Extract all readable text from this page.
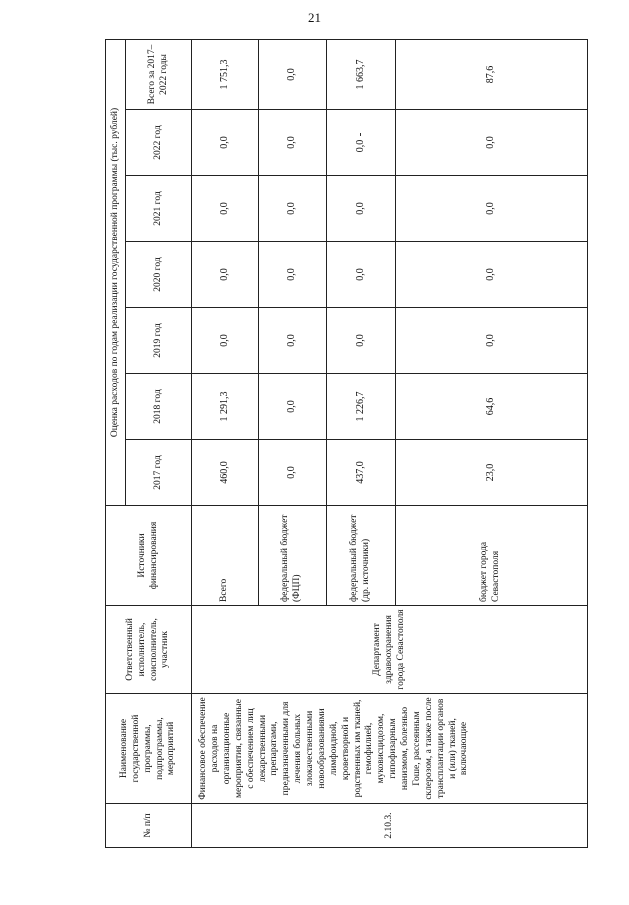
21
№ п/п	Наименование государственной программы, подпрограммы, мероприятий	Ответственный исполнитель, соисполнитель, участник	Источники финансирования	Оценка расходов по годам реализации государственной программы (тыс. рублей)						
				2017 год	2018 год	2019 год	2020 год	2021 год	2022 год	Всего за 2017–2022 годы
2.10.3.	Финансовое обеспечение расходов на организационные мероприятия, связанные с обеспечением лиц лекарственными препаратами, предназначенными для лечения больных злокачественными новообразованиями лимфоидной, кроветворной и родственных им тканей, гемофилией, муковисцидозом, гипофизарным нанизмом, болезнью Гоше, рассеянным склерозом, а также после трансплантации органов и (или) тканей, включающие	Департамент здравоохранения города Севастополя	Всего	460,0	1 291,3	0,0	0,0	0,0	0,0	1 751,3
			федеральный бюджет (ФЦП)	0,0	0,0	0,0	0,0	0,0	0,0	0,0
			федеральный бюджет (др. источники)	437,0	1 226,7	0,0	0,0	0,0	0,0	1 663,7
			бюджет города Севастополя	23,0	64,6	0,0	0,0	0,0	0,0	87,6
